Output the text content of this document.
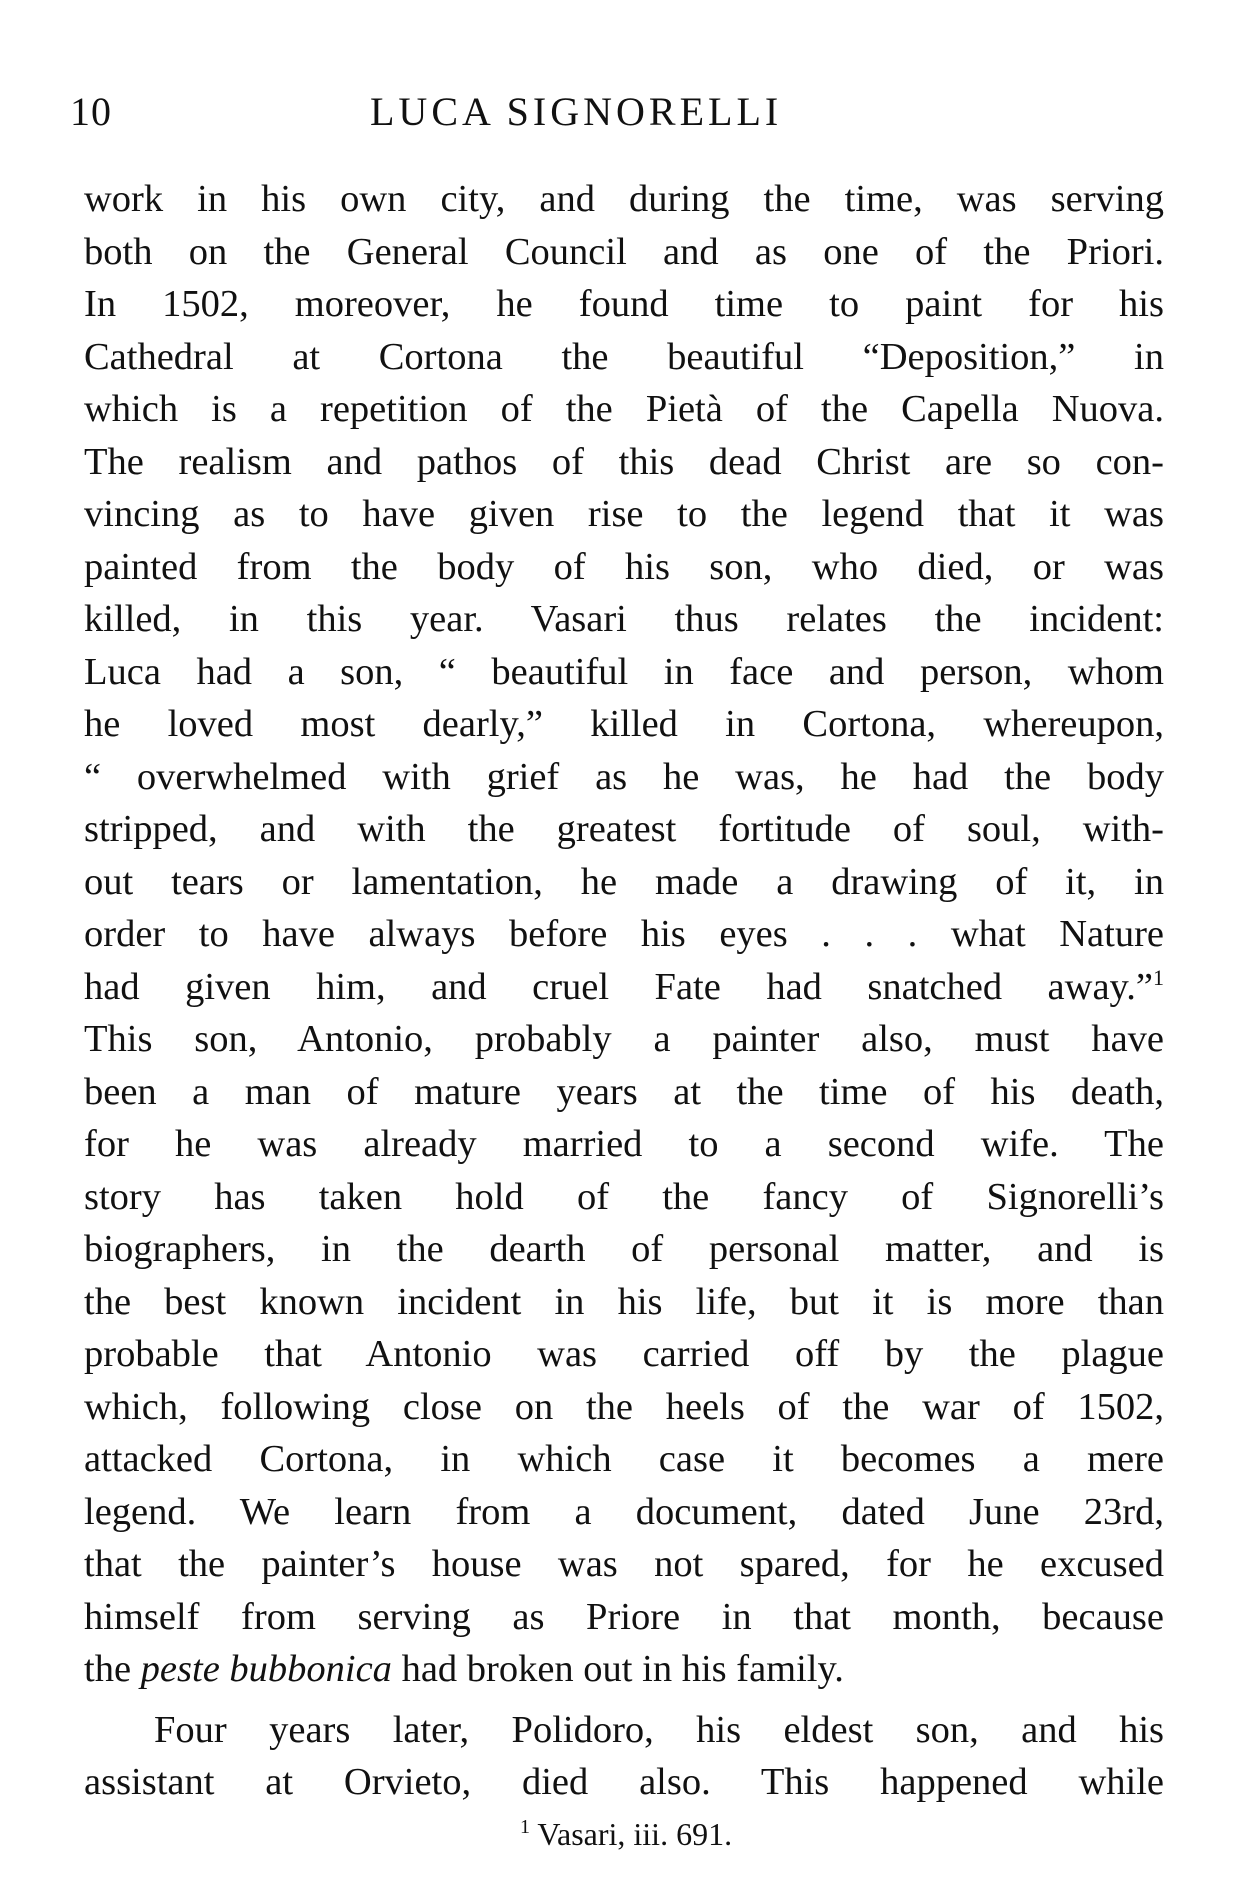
10	LUCA SIGNORELLI
work in his own city, and during the time, was serving
both on the General Council and as one of the Priori.
In 1502, moreover, he found time to paint for his
Cathedral at Cortona the beautiful “Deposition,” in
which is a repetition of the Pietà of the Capella Nuova.
The realism and pathos of this dead Christ are so con-
vincing as to have given rise to the legend that it was
painted from the body of his son, who died, or was
killed, in this year. Vasari thus relates the incident:
Luca had a son, “ beautiful in face and person, whom
he loved most dearly,” killed in Cortona, whereupon,
“ overwhelmed with grief as he was, he had the body
stripped, and with the greatest fortitude of soul, with-
out tears or lamentation, he made a drawing of it, in
order to have always before his eyes . . . what Nature
had given him, and cruel Fate had snatched away.”$^1$
This son, Antonio, probably a painter also, must have
been a man of mature years at the time of his death,
for he was already married to a second wife. The
story has taken hold of the fancy of Signorelli’s
biographers, in the dearth of personal matter, and is
the best known incident in his life, but it is more than
probable that Antonio was carried off by the plague
which, following close on the heels of the war of 1502,
attacked Cortona, in which case it becomes a mere
legend. We learn from a document, dated June 23rd,
that the painter’s house was not spared, for he excused
himself from serving as Priore in that month, because
the peste bubbonica had broken out in his family.
Four years later, Polidoro, his eldest son, and his
assistant at Orvieto, died also. This happened while
$^1$ Vasari, iii. 691.
